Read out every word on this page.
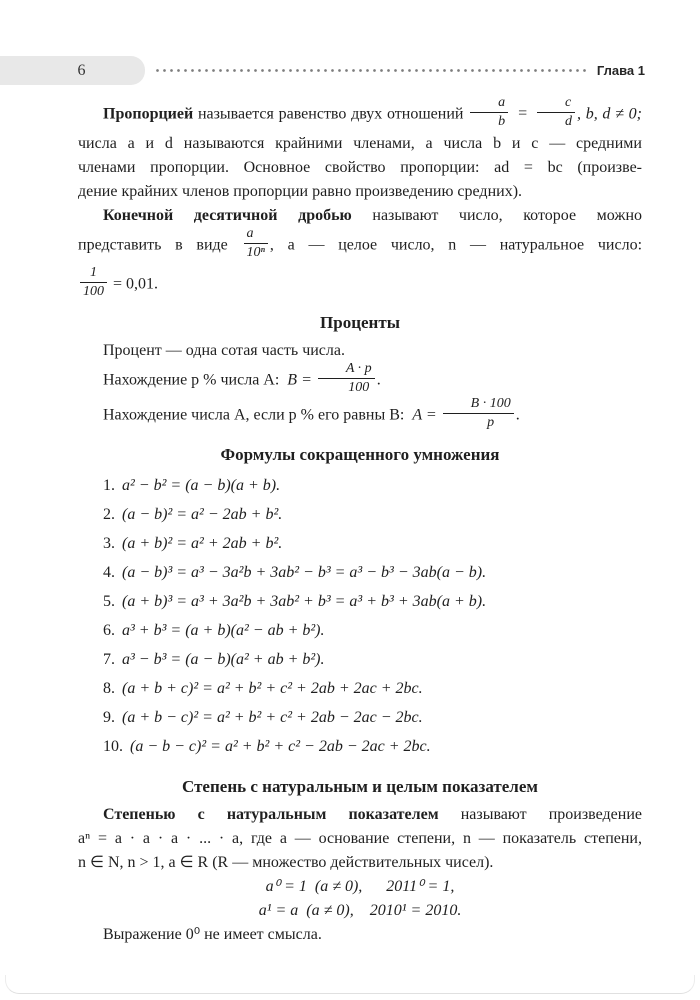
6	Глава 1
Пропорцией называется равенство двух отношений $\frac{a}{b} = \frac{c}{d}$ , b, d ≠ 0;
числа a и d называются крайними членами, а числа b и c — средними
членами пропорции. Основное свойство пропорции: ad = bc (произве-
дение крайних членов пропорции равно произведению средних).
Конечной десятичной дробью называют число, которое можно
представить в виде $\frac{a}{\text{10ⁿ}}$ , a — целое число, n — натуральное число:
$\frac{1}{100} = 0,01$.
Проценты
Процент — одна сотая часть числа.
Нахождение p % числа A: $B = \frac{A \cdot p}{100}$ .
Нахождение числа A, если p % его равны B: $A = \frac{B \cdot 100}{p}$ .
Формулы сокращенного умножения
1. a² − b² = (a − b)(a + b).
2. (a − b)² = a² − 2ab + b².
3. (a + b)² = a² + 2ab + b².
4. (a − b)³ = a³ − 3a²b + 3ab² − b³ = a³ − b³ − 3ab(a − b).
5. (a + b)³ = a³ + 3a²b + 3ab² + b³ = a³ + b³ + 3ab(a + b).
6. a³ + b³ = (a + b)(a² − ab + b²).
7. a³ − b³ = (a − b)(a² + ab + b²).
8. (a + b + c)² = a² + b² + c² + 2ab + 2ac + 2bc.
9. (a + b − c)² = a² + b² + c² + 2ab − 2ac − 2bc.
10. (a − b − c)² = a² + b² + c² − 2ab − 2ac + 2bc.
Степень с натуральным и целым показателем
Степенью с натуральным показателем называют произведение
aⁿ = a · a · a · ... · a, где a — основание степени, n — показатель степени,
n ∈ N, n > 1, a ∈ R (R — множество действительных чисел).
a⁰ = 1  (a ≠ 0),      2011⁰ = 1,
a¹ = a  (a ≠ 0),    2010¹ = 2010.
Выражение 0⁰ не имеет смысла.
